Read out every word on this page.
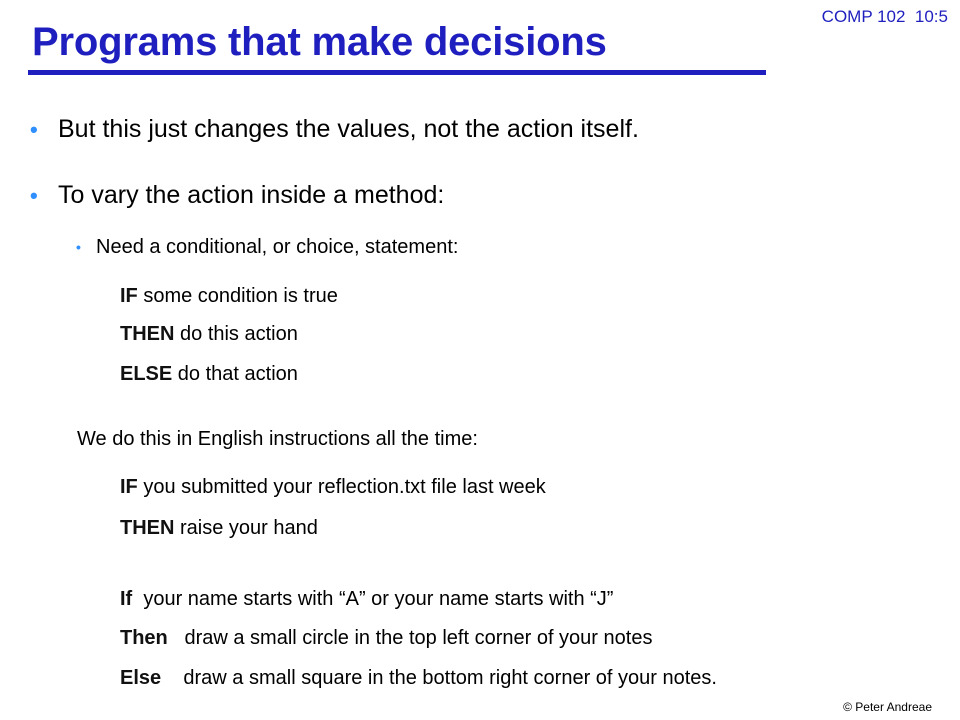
COMP 102  10:5
Programs that make decisions
• But this just changes the values, not the action itself.
• To vary the action inside a method:
• Need a conditional, or choice, statement:
IF some condition is true
THEN do this action
ELSE do that action
We do this in English instructions all the time:
IF you submitted your reflection.txt file last week
THEN raise your hand
If  your name starts with “A” or your name starts with “J”
Then   draw a small circle in the top left corner of your notes
Else    draw a small square in the bottom right corner of your notes.
© Peter Andreae
